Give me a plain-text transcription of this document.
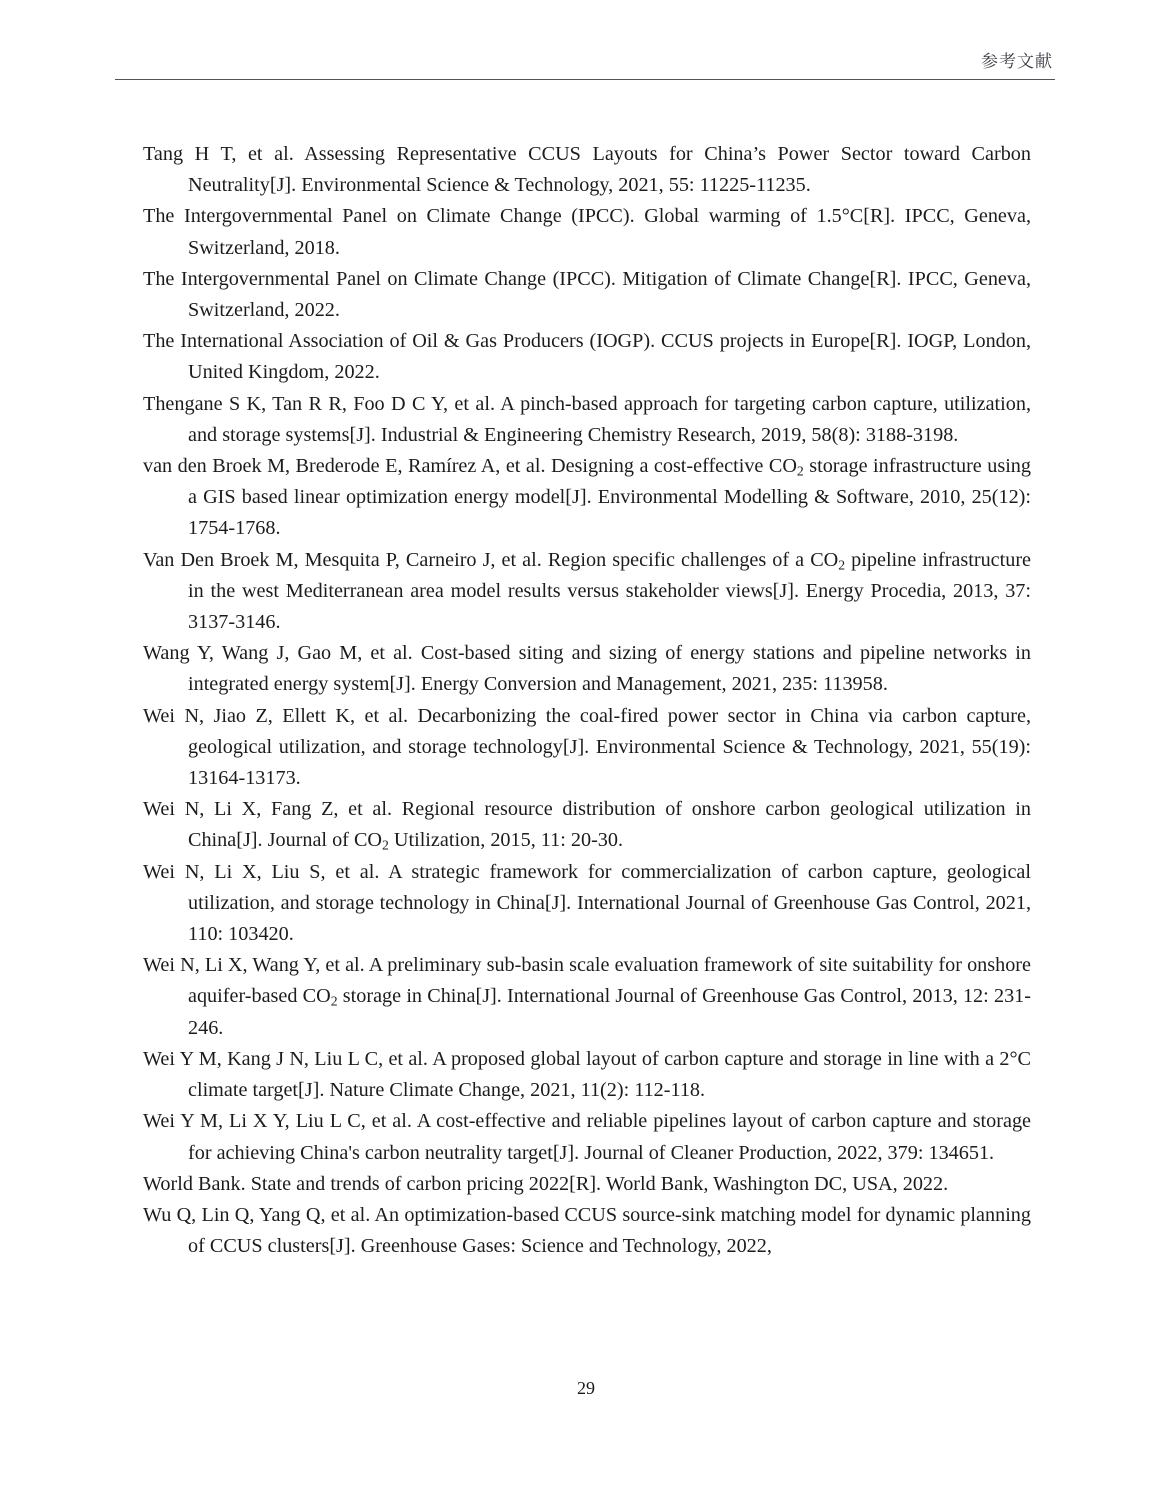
参考文献

Tang H T, et al. Assessing Representative CCUS Layouts for China’s Power Sector toward Carbon Neutrality[J]. Environmental Science & Technology, 2021, 55: 11225-11235.

The Intergovernmental Panel on Climate Change (IPCC). Global warming of 1.5°C[R]. IPCC, Geneva, Switzerland, 2018.

The Intergovernmental Panel on Climate Change (IPCC). Mitigation of Climate Change[R]. IPCC, Geneva, Switzerland, 2022.

The International Association of Oil & Gas Producers (IOGP). CCUS projects in Europe[R]. IOGP, London, United Kingdom, 2022.

Thengane S K, Tan R R, Foo D C Y, et al. A pinch-based approach for targeting carbon capture, utilization, and storage systems[J]. Industrial & Engineering Chemistry Research, 2019, 58(8): 3188-3198.

van den Broek M, Brederode E, Ramírez A, et al. Designing a cost-effective $CO_2$ storage infrastructure using a GIS based linear optimization energy model[J]. Environmental Modelling & Software, 2010, 25(12): 1754-1768.

Van Den Broek M, Mesquita P, Carneiro J, et al. Region specific challenges of a $CO_2$ pipeline infrastructure in the west Mediterranean area model results versus stakeholder views[J]. Energy Procedia, 2013, 37: 3137-3146.

Wang Y, Wang J, Gao M, et al. Cost-based siting and sizing of energy stations and pipeline networks in integrated energy system[J]. Energy Conversion and Management, 2021, 235: 113958.

Wei N, Jiao Z, Ellett K, et al. Decarbonizing the coal-fired power sector in China via carbon capture, geological utilization, and storage technology[J]. Environmental Science & Technology, 2021, 55(19): 13164-13173.

Wei N, Li X, Fang Z, et al. Regional resource distribution of onshore carbon geological utilization in China[J]. Journal of $CO_2$ Utilization, 2015, 11: 20-30.

Wei N, Li X, Liu S, et al. A strategic framework for commercialization of carbon capture, geological utilization, and storage technology in China[J]. International Journal of Greenhouse Gas Control, 2021, 110: 103420.

Wei N, Li X, Wang Y, et al. A preliminary sub-basin scale evaluation framework of site suitability for onshore aquifer-based $CO_2$ storage in China[J]. International Journal of Greenhouse Gas Control, 2013, 12: 231-246.

Wei Y M, Kang J N, Liu L C, et al. A proposed global layout of carbon capture and storage in line with a 2°C climate target[J]. Nature Climate Change, 2021, 11(2): 112-118.

Wei Y M, Li X Y, Liu L C, et al. A cost-effective and reliable pipelines layout of carbon capture and storage for achieving China's carbon neutrality target[J]. Journal of Cleaner Production, 2022, 379: 134651.

World Bank. State and trends of carbon pricing 2022[R]. World Bank, Washington DC, USA, 2022.

Wu Q, Lin Q, Yang Q, et al. An optimization-based CCUS source-sink matching model for dynamic planning of CCUS clusters[J]. Greenhouse Gases: Science and Technology, 2022,

29
